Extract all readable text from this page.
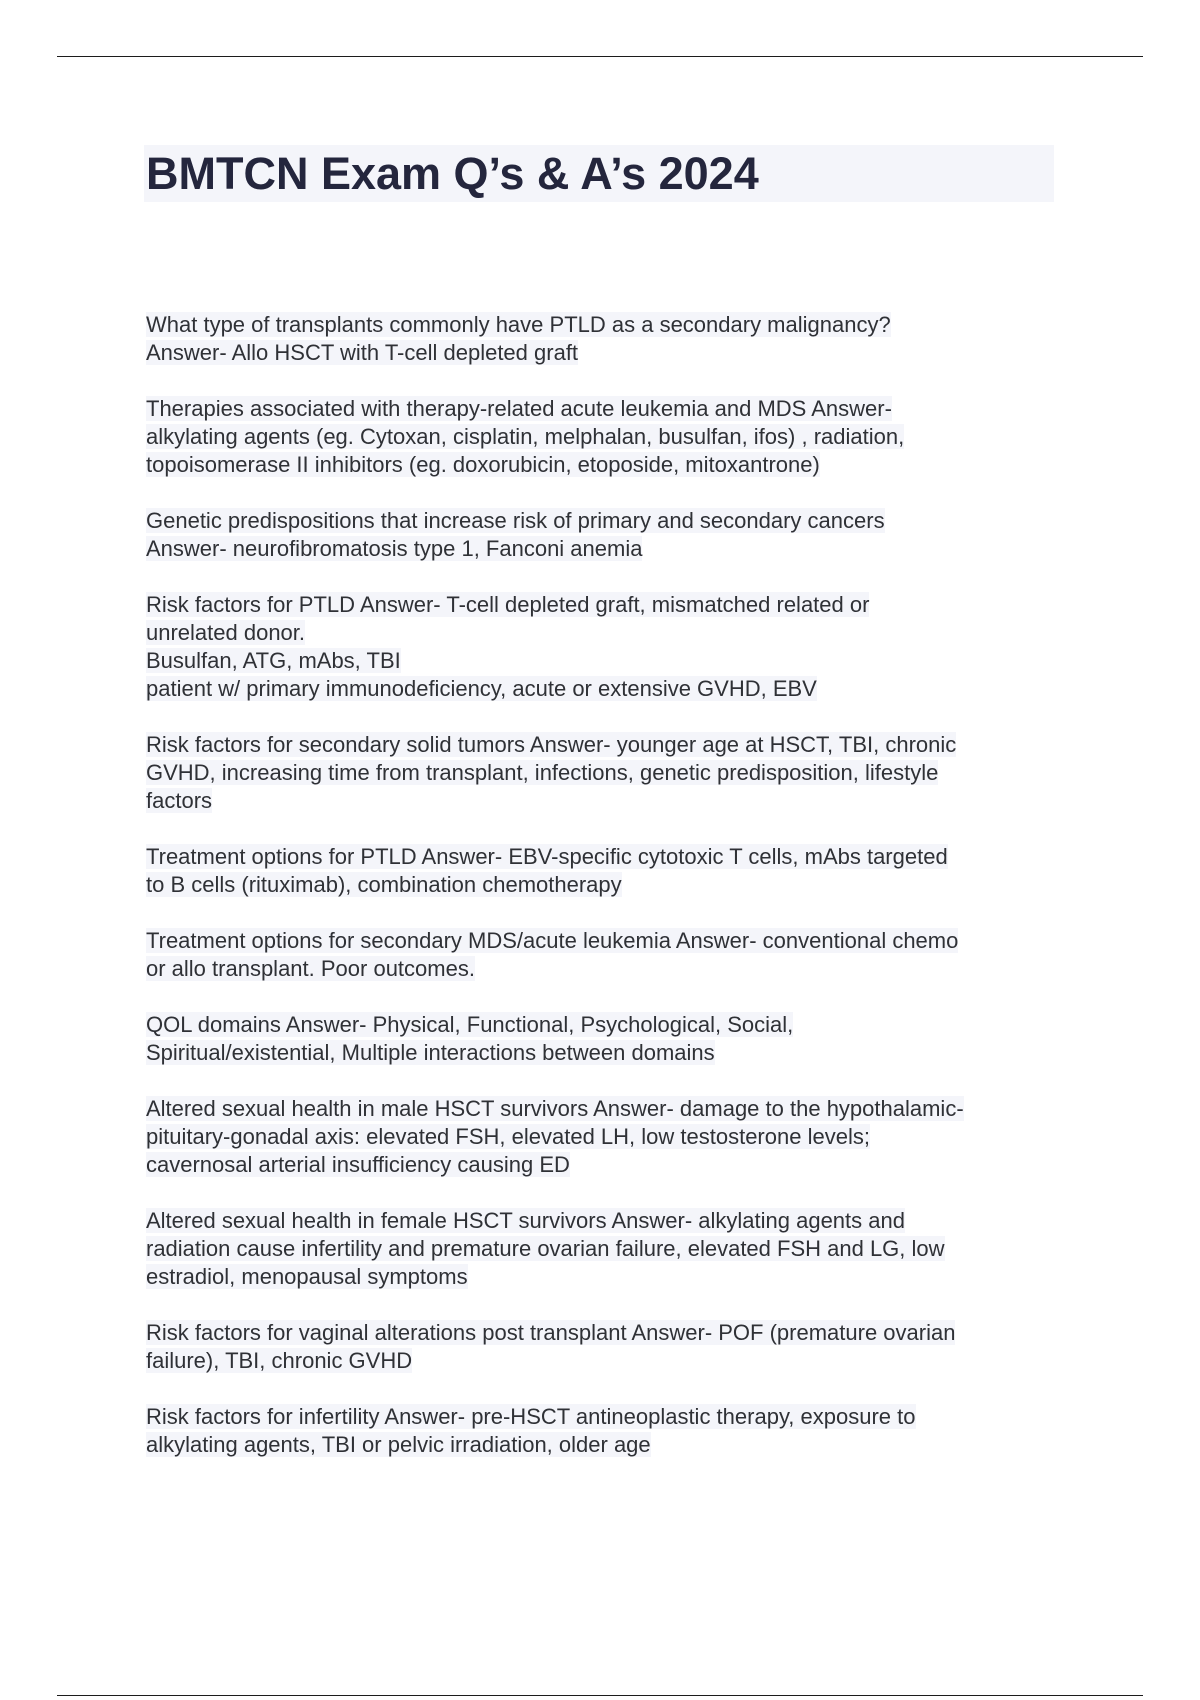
BMTCN Exam Q’s & A’s 2024
What type of transplants commonly have PTLD as a secondary malignancy?
Answer- Allo HSCT with T-cell depleted graft
Therapies associated with therapy-related acute leukemia and MDS Answer-
alkylating agents (eg. Cytoxan, cisplatin, melphalan, busulfan, ifos) , radiation,
topoisomerase II inhibitors (eg. doxorubicin, etoposide, mitoxantrone)
Genetic predispositions that increase risk of primary and secondary cancers
Answer- neurofibromatosis type 1, Fanconi anemia
Risk factors for PTLD Answer- T-cell depleted graft, mismatched related or
unrelated donor.
Busulfan, ATG, mAbs, TBI
patient w/ primary immunodeficiency, acute or extensive GVHD, EBV
Risk factors for secondary solid tumors Answer- younger age at HSCT, TBI, chronic
GVHD, increasing time from transplant, infections, genetic predisposition, lifestyle
factors
Treatment options for PTLD Answer- EBV-specific cytotoxic T cells, mAbs targeted
to B cells (rituximab), combination chemotherapy
Treatment options for secondary MDS/acute leukemia Answer- conventional chemo
or allo transplant. Poor outcomes.
QOL domains Answer- Physical, Functional, Psychological, Social,
Spiritual/existential, Multiple interactions between domains
Altered sexual health in male HSCT survivors Answer- damage to the hypothalamic-
pituitary-gonadal axis: elevated FSH, elevated LH, low testosterone levels;
cavernosal arterial insufficiency causing ED
Altered sexual health in female HSCT survivors Answer- alkylating agents and
radiation cause infertility and premature ovarian failure, elevated FSH and LG, low
estradiol, menopausal symptoms
Risk factors for vaginal alterations post transplant Answer- POF (premature ovarian
failure), TBI, chronic GVHD
Risk factors for infertility Answer- pre-HSCT antineoplastic therapy, exposure to
alkylating agents, TBI or pelvic irradiation, older age
